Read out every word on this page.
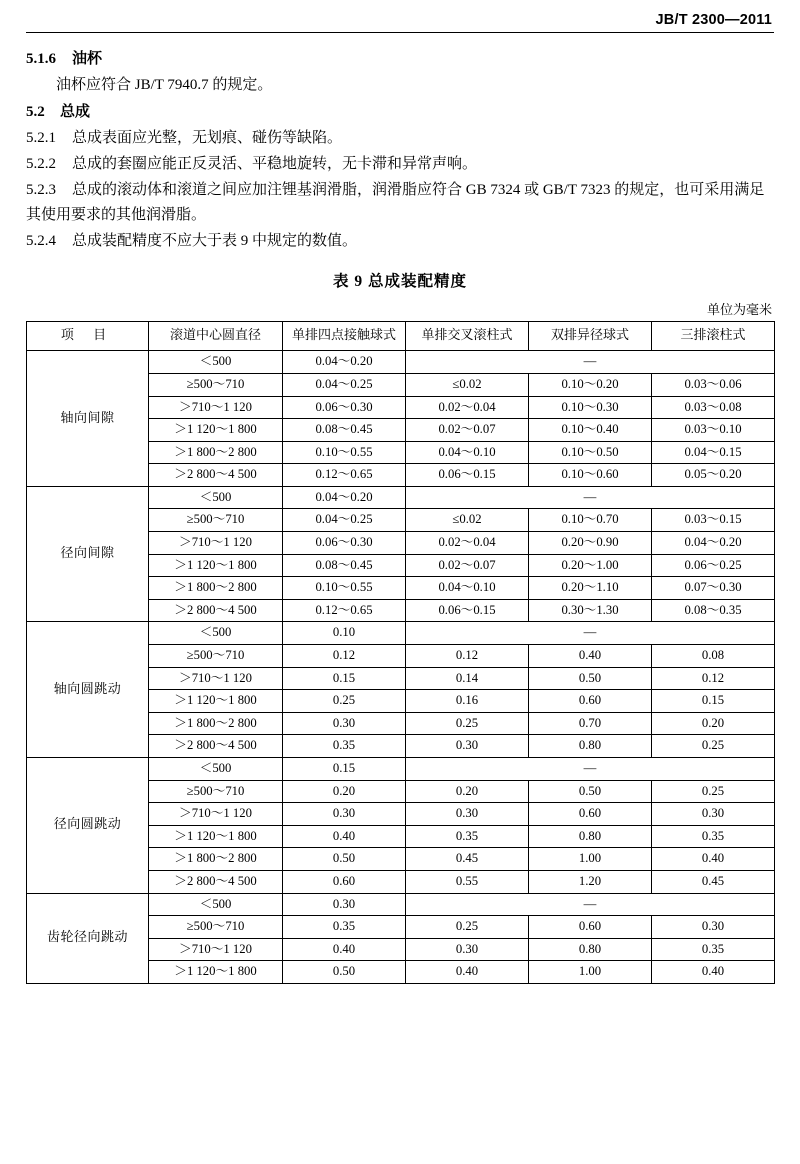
JB/T 2300—2011

5.1.6 油杯

油杯应符合 JB/T 7940.7 的规定。

5.2 总成

5.2.1 总成表面应光整，无划痕、碰伤等缺陷。

5.2.2 总成的套圈应能正反灵活、平稳地旋转，无卡滞和异常声响。

5.2.3 总成的滚动体和滚道之间应加注锂基润滑脂，润滑脂应符合 GB 7324 或 GB/T 7323 的规定，也可采用满足其使用要求的其他润滑脂。

5.2.4 总成装配精度不应大于表 9 中规定的数值。

表 9 总成装配精度
单位为毫米
项 目	滚道中心圆直径	单排四点接触球式	单排交叉滚柱式	双排异径球式	三排滚柱式
轴向间隙	＜500	0.04～0.20	—		
	≥500～710	0.04～0.25	≤0.02	0.10～0.20	0.03～0.06
	＞710～1 120	0.06～0.30	0.02～0.04	0.10～0.30	0.03～0.08
	＞1 120～1 800	0.08～0.45	0.02～0.07	0.10～0.40	0.03～0.10
	＞1 800～2 800	0.10～0.55	0.04～0.10	0.10～0.50	0.04～0.15
	＞2 800～4 500	0.12～0.65	0.06～0.15	0.10～0.60	0.05～0.20
径向间隙	＜500	0.04～0.20	—		
	≥500～710	0.04～0.25	≤0.02	0.10～0.70	0.03～0.15
	＞710～1 120	0.06～0.30	0.02～0.04	0.20～0.90	0.04～0.20
	＞1 120～1 800	0.08～0.45	0.02～0.07	0.20～1.00	0.06～0.25
	＞1 800～2 800	0.10～0.55	0.04～0.10	0.20～1.10	0.07～0.30
	＞2 800～4 500	0.12～0.65	0.06～0.15	0.30～1.30	0.08～0.35
轴向圆跳动	＜500	0.10	—		
	≥500～710	0.12	0.12	0.40	0.08
	＞710～1 120	0.15	0.14	0.50	0.12
	＞1 120～1 800	0.25	0.16	0.60	0.15
	＞1 800～2 800	0.30	0.25	0.70	0.20
	＞2 800～4 500	0.35	0.30	0.80	0.25
径向圆跳动	＜500	0.15	—		
	≥500～710	0.20	0.20	0.50	0.25
	＞710～1 120	0.30	0.30	0.60	0.30
	＞1 120～1 800	0.40	0.35	0.80	0.35
	＞1 800～2 800	0.50	0.45	1.00	0.40
	＞2 800～4 500	0.60	0.55	1.20	0.45
齿轮径向跳动	＜500	0.30	—		
	≥500～710	0.35	0.25	0.60	0.30
	＞710～1 120	0.40	0.30	0.80	0.35
	＞1 120～1 800	0.50	0.40	1.00	0.40
